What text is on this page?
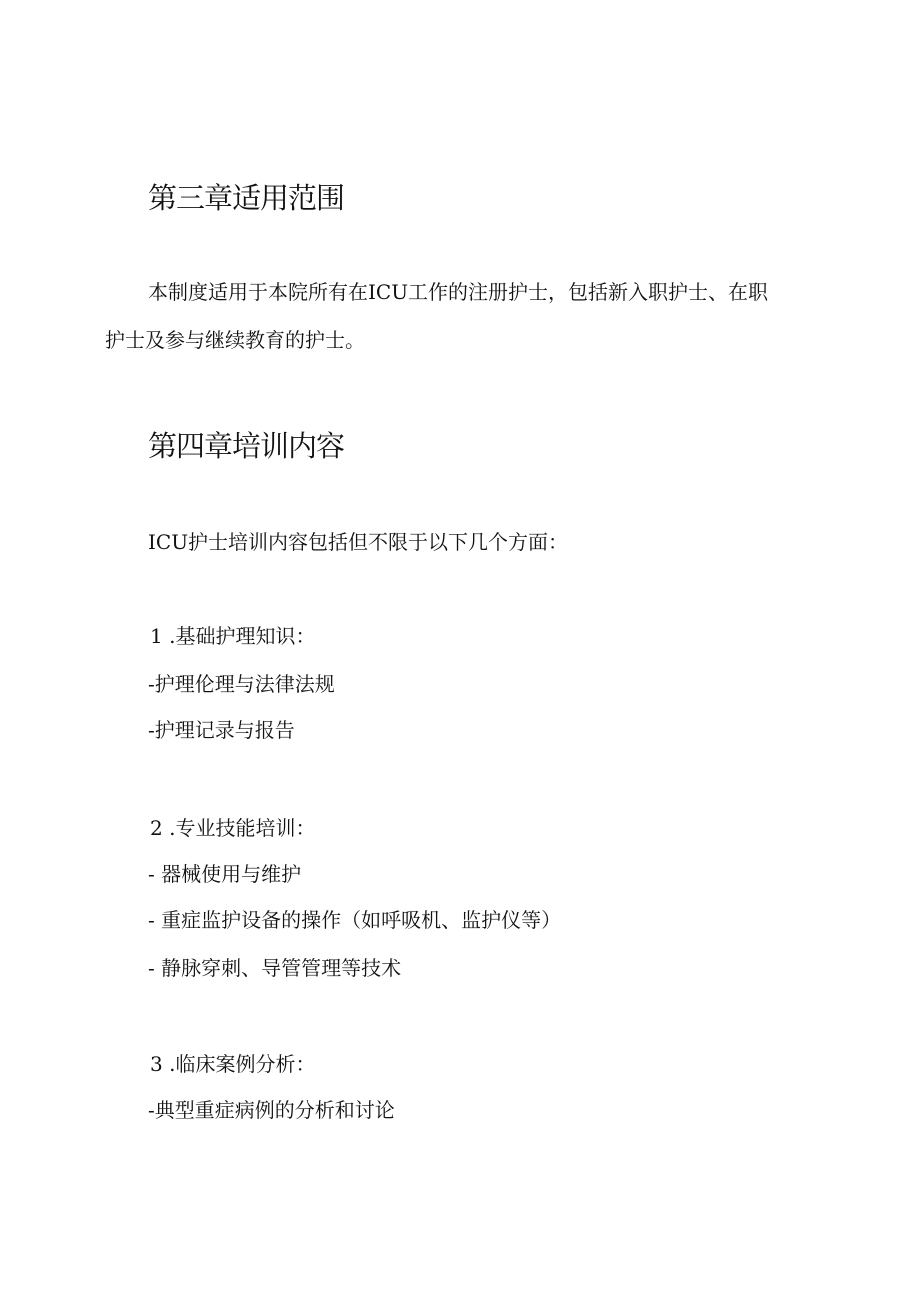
第三章适用范围

本制度适用于本院所有在ICU工作的注册护士，包括新入职护士、在职

护士及参与继续教育的护士。

第四章培训内容

ICU护士培训内容包括但不限于以下几个方面：

1 .基础护理知识：

-护理伦理与法律法规

-护理记录与报告

2 .专业技能培训：

- 器械使用与维护

- 重症监护设备的操作（如呼吸机、监护仪等）

- 静脉穿刺、导管管理等技术

3 .临床案例分析：

-典型重症病例的分析和讨论
